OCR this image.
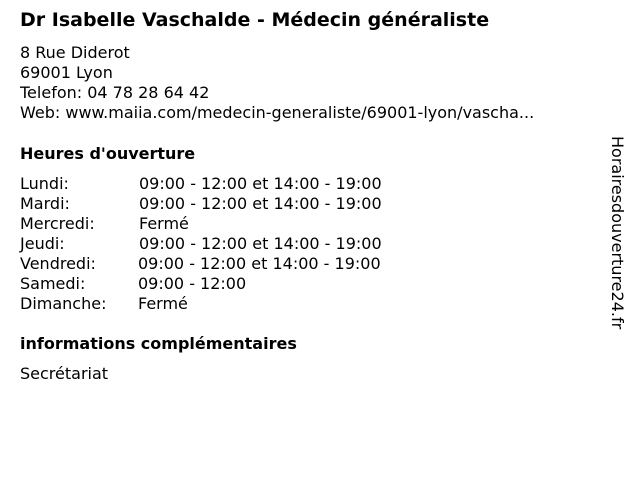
Dr Isabelle Vaschalde - Médecin généraliste
8 Rue Diderot
69001 Lyon
Telefon: 04 78 28 64 42
Web: www.maiia.com/medecin-generaliste/69001-lyon/vascha...
Heures d'ouverture
Lundi:	09:00 - 12:00 et 14:00 - 19:00
Mardi:	09:00 - 12:00 et 14:00 - 19:00
Mercredi:	Fermé
Jeudi:	09:00 - 12:00 et 14:00 - 19:00
Vendredi:	09:00 - 12:00 et 14:00 - 19:00
Samedi:	09:00 - 12:00
Dimanche: Fermé
informations complémentaires
Secrétariat
Horairesdouverture24.fr
